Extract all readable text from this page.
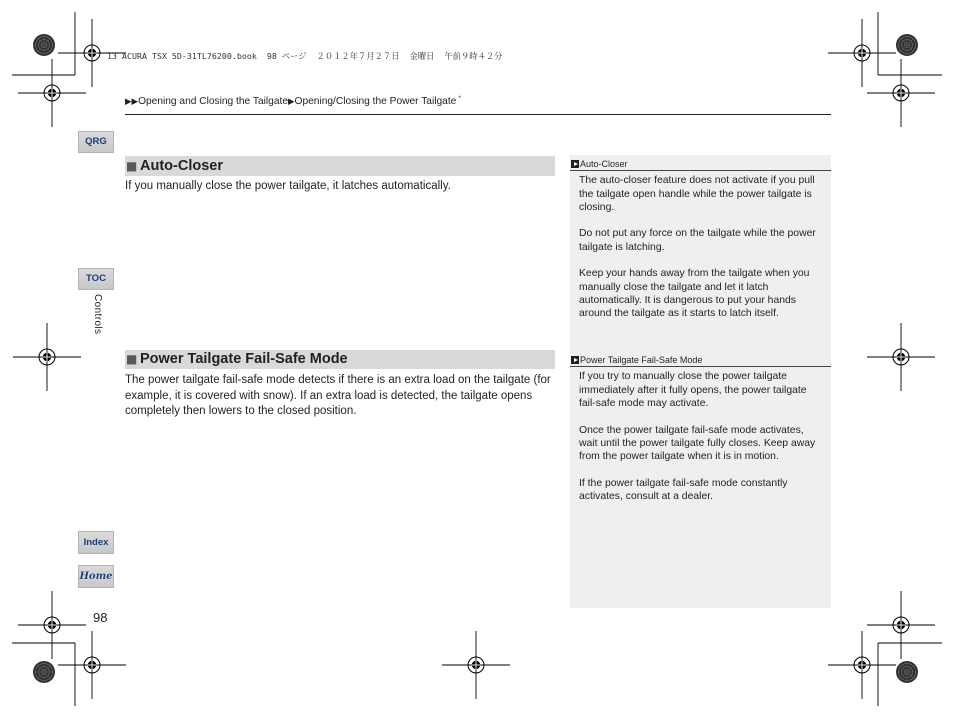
13 ACURA TSX 5D-31TL76200.book  98 ページ  ２０１２年７月２７日  金曜日  午前９時４２分
▶▶Opening and Closing the Tailgate▶Opening/Closing the Power Tailgate *
QRG
TOC
Controls
Index
Home
98
■ Auto-Closer
If you manually close the power tailgate, it latches automatically.
■ Power Tailgate Fail-Safe Mode
The power tailgate fail-safe mode detects if there is an extra load on the tailgate (for
example, it is covered with snow). If an extra load is detected, the tailgate opens
completely then lowers to the closed position.
Auto-Closer

The auto-closer feature does not activate if you pull
the tailgate open handle while the power tailgate is
closing.

Do not put any force on the tailgate while the power
tailgate is latching.

Keep your hands away from the tailgate when you
manually close the tailgate and let it latch
automatically. It is dangerous to put your hands
around the tailgate as it starts to latch itself.

Power Tailgate Fail-Safe Mode

If you try to manually close the power tailgate
immediately after it fully opens, the power tailgate
fail-safe mode may activate.

Once the power tailgate fail-safe mode activates,
wait until the power tailgate fully closes. Keep away
from the power tailgate when it is in motion.

If the power tailgate fail-safe mode constantly
activates, consult at a dealer.
